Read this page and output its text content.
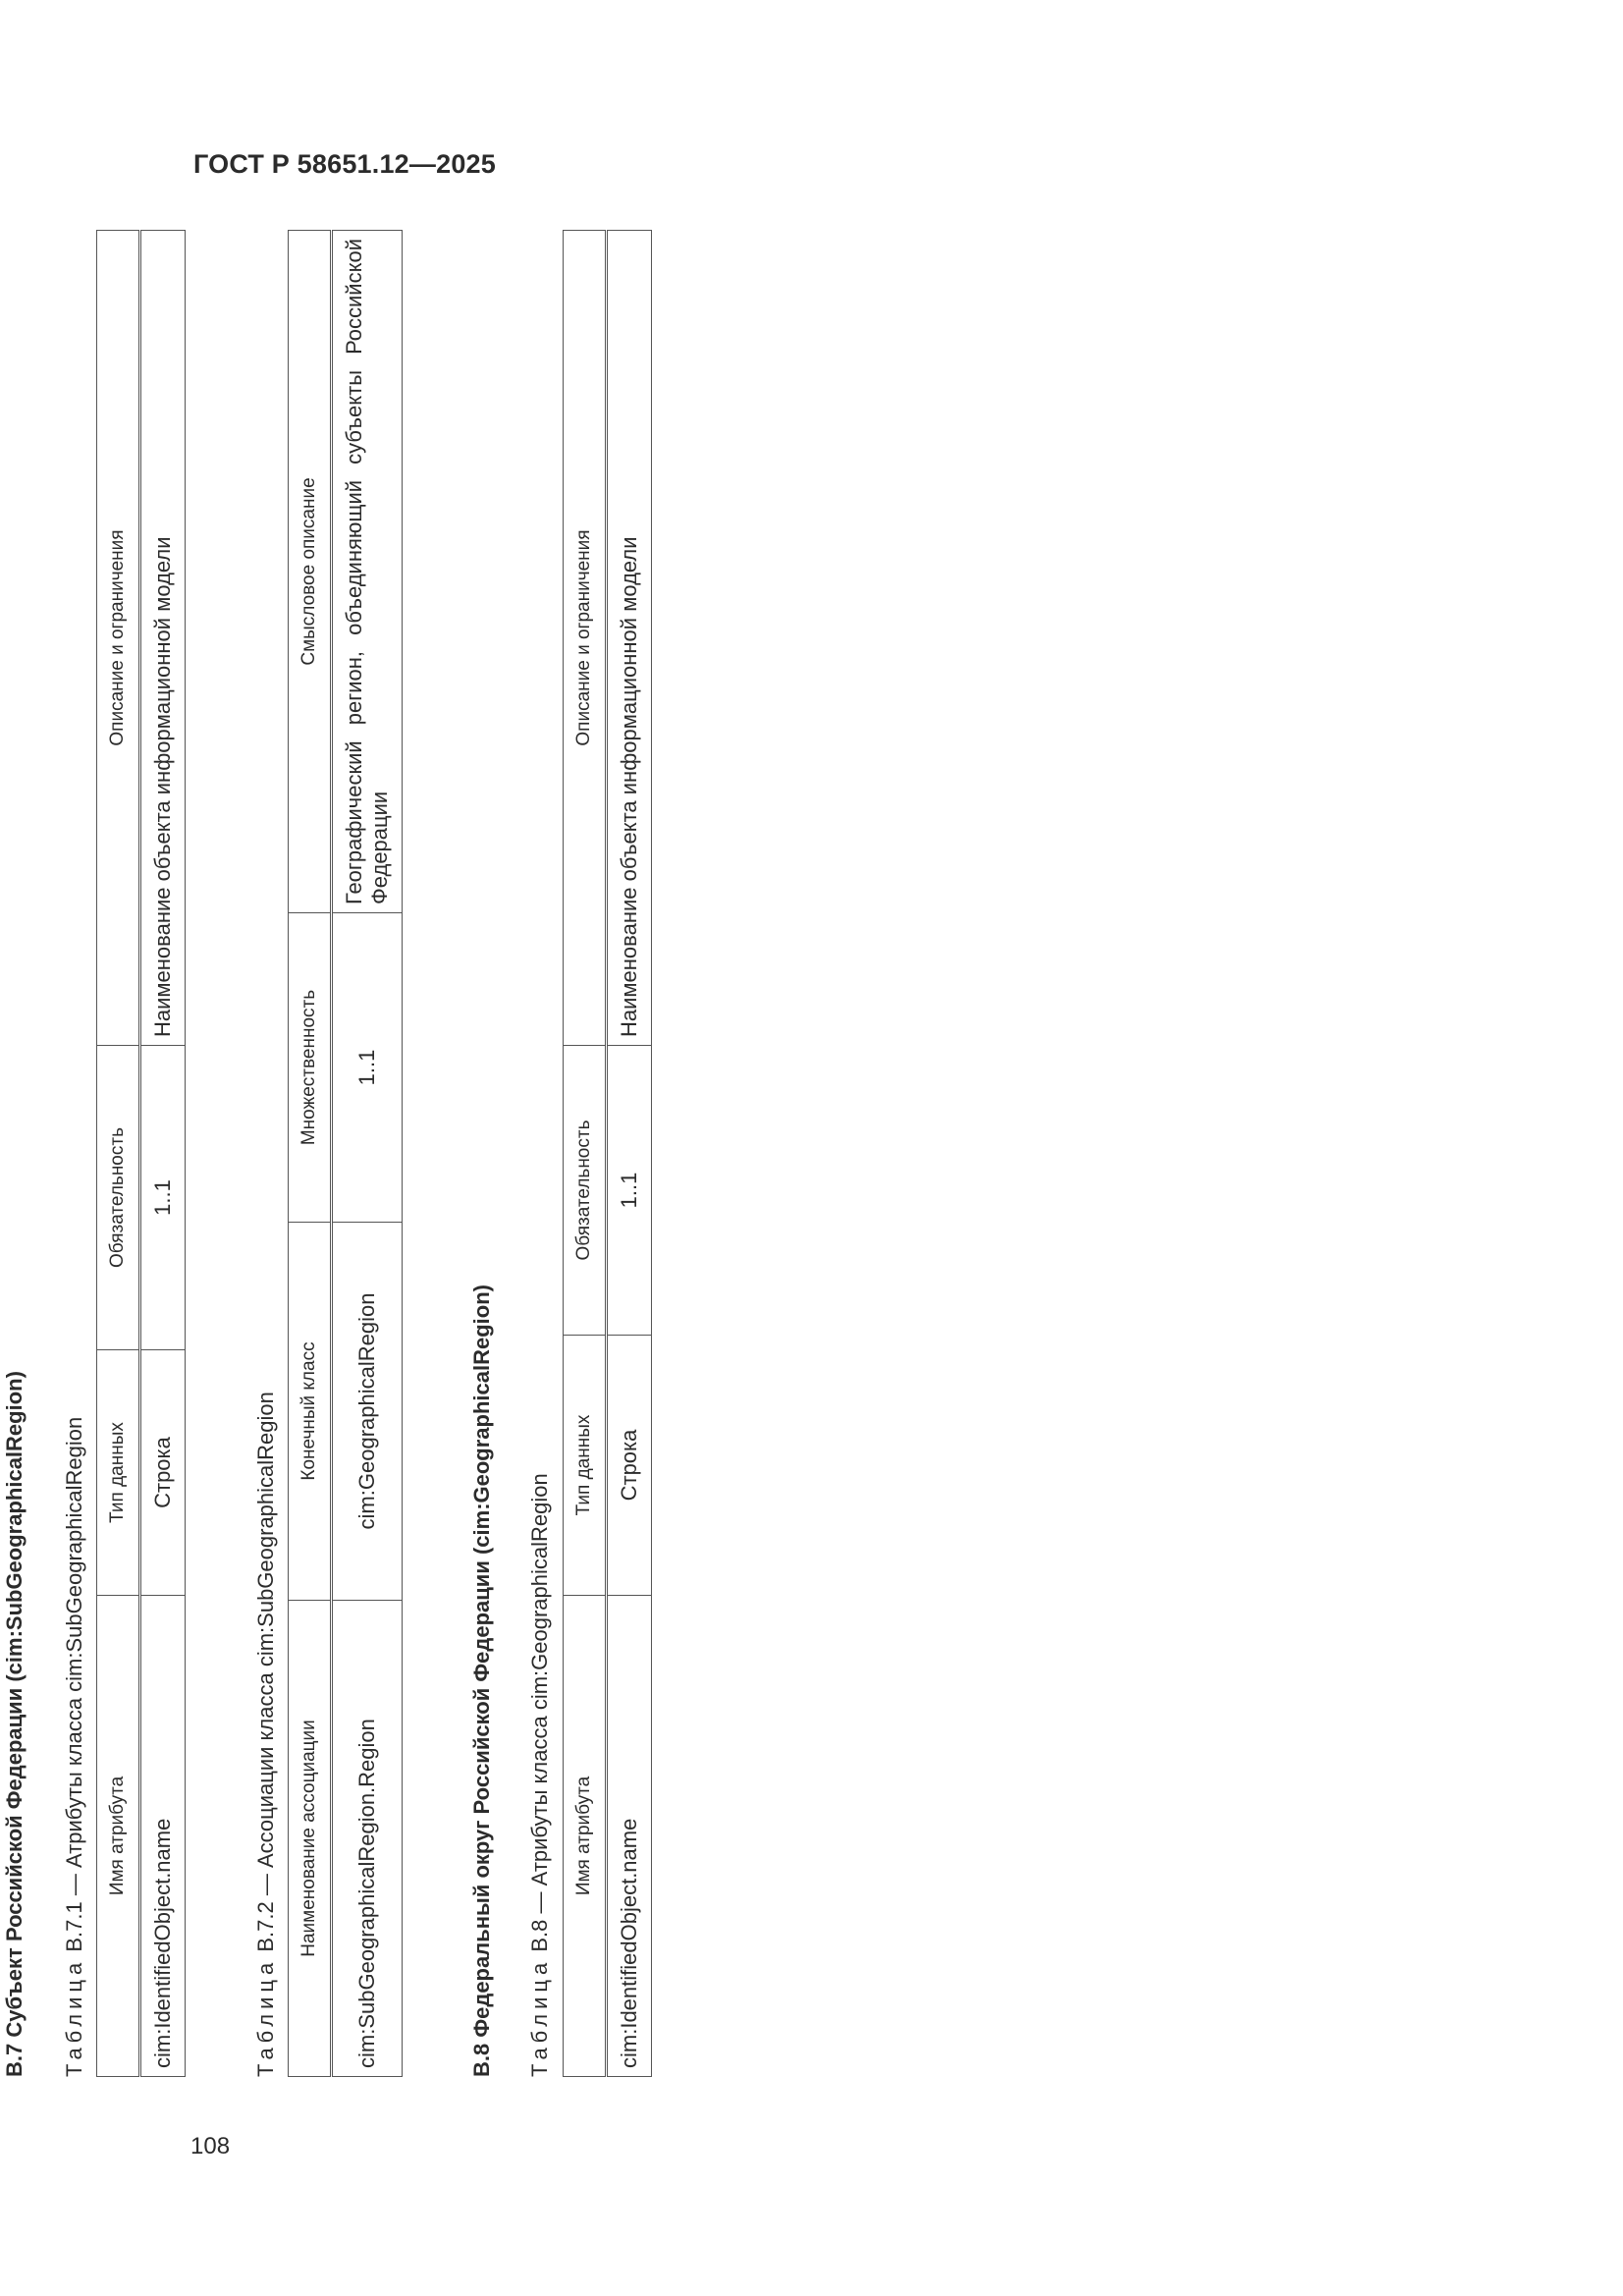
ГОСТ Р 58651.12—2025
В.7 Субъект Российской Федерации (cim:SubGeographicalRegion) Таблица В.7.1 — Атрибуты класса cim:SubGeographicalRegion Имя атрибута	Тип данных	Обязательность	Описание и ограничения
cim:IdentifiedObject.name	Строка	1..1	Наименование объекта информационной модели
Таблица В.7.2 — Ассоциации класса cim:SubGeographicalRegion Наименование ассоциации	Конечный класс	Множественность	Смысловое описание
cim:SubGeographicalRegion.Region	cim:GeographicalRegion	1..1	Географический регион, объединяющий субъекты Российской Федерации
В.8 Федеральный округ Российской Федерации (cim:GeographicalRegion) Таблица В.8 — Атрибуты класса cim:GeographicalRegion Имя атрибута	Тип данных	Обязательность	Описание и ограничения
cim:IdentifiedObject.name	Строка	1..1	Наименование объекта информационной модели
108
